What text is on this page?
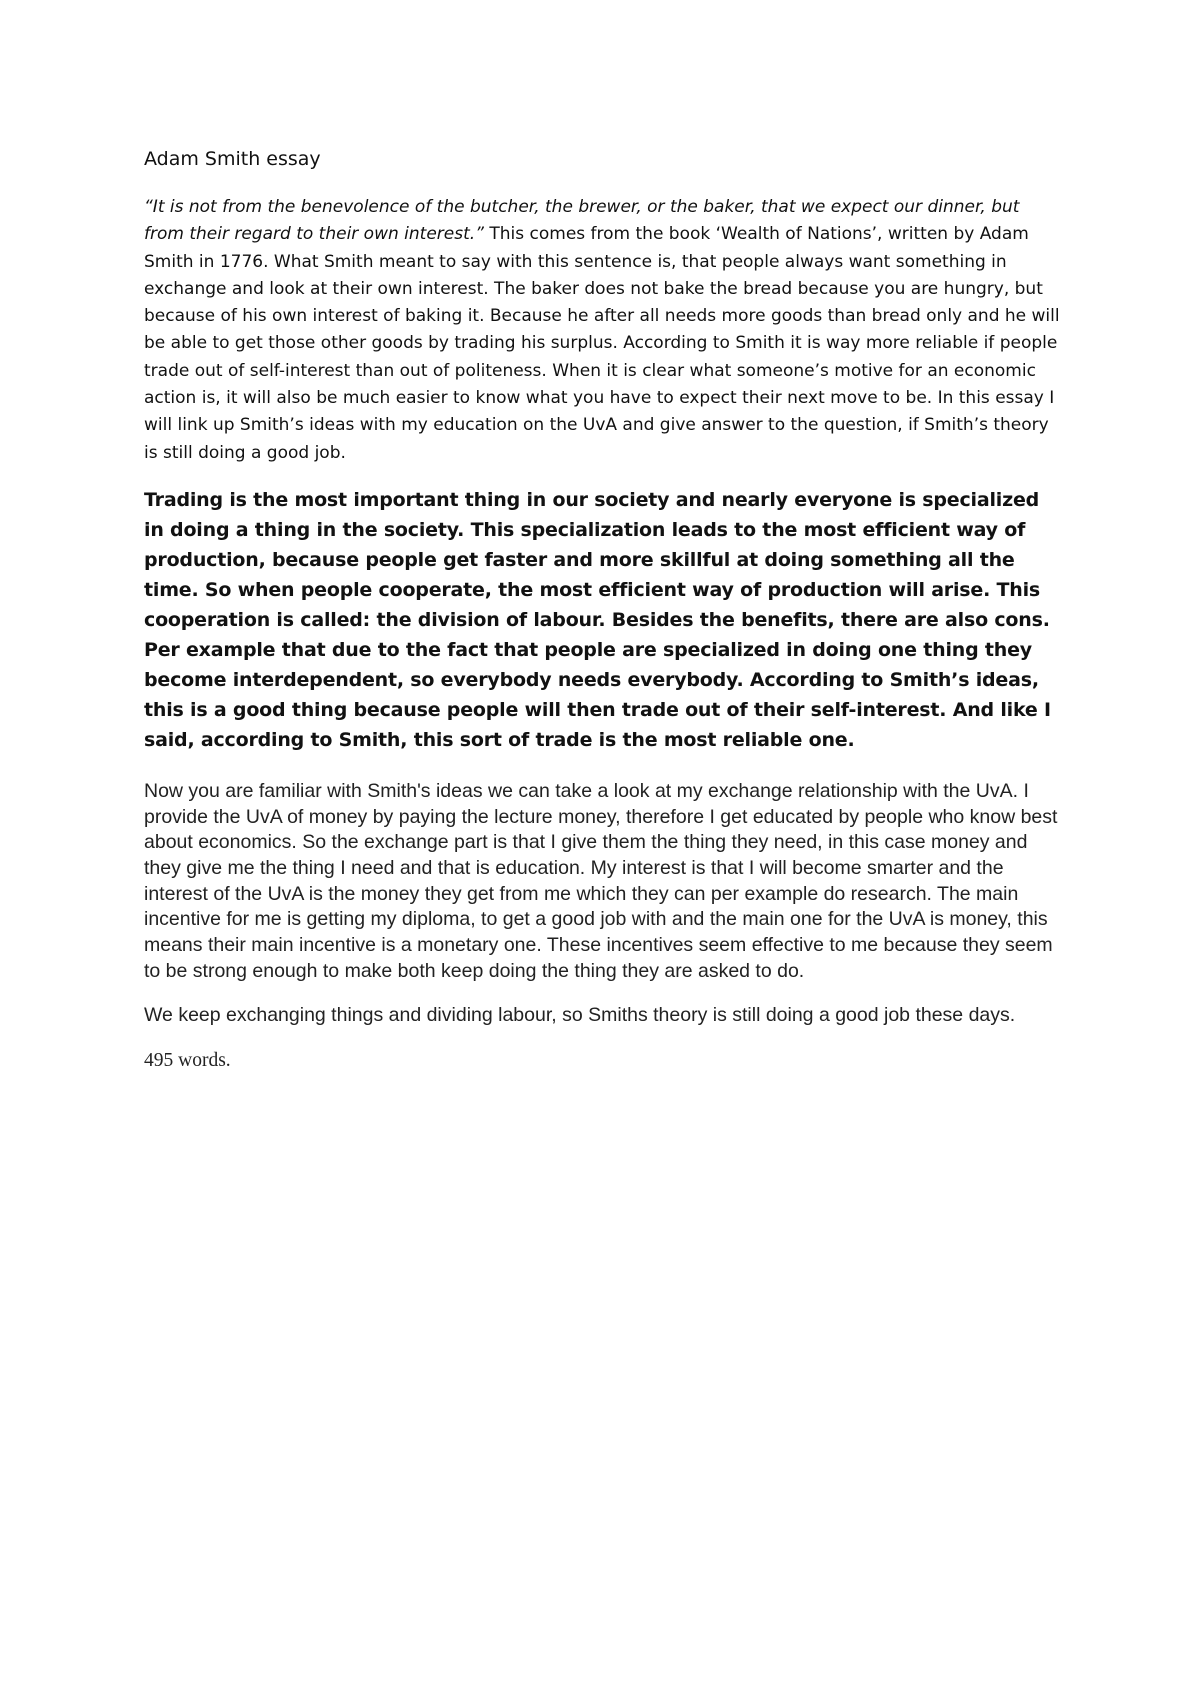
Adam Smith essay

“It is not from the benevolence of the butcher, the brewer, or the baker, that we expect our dinner, but from their regard to their own interest.” This comes from the book ‘Wealth of Nations’, written by Adam Smith in 1776. What Smith meant to say with this sentence is, that people always want something in exchange and look at their own interest. The baker does not bake the bread because you are hungry, but because of his own interest of baking it. Because he after all needs more goods than bread only and he will be able to get those other goods by trading his surplus. According to Smith it is way more reliable if people trade out of self-interest than out of politeness. When it is clear what someone’s motive for an economic action is, it will also be much easier to know what you have to expect their next move to be. In this essay I will link up Smith’s ideas with my education on the UvA and give answer to the question, if Smith’s theory is still doing a good job.

Trading is the most important thing in our society and nearly everyone is specialized in doing a thing in the society. This specialization leads to the most efficient way of production, because people get faster and more skillful at doing something all the time. So when people cooperate, the most efficient way of production will arise. This cooperation is called: the division of labour. Besides the benefits, there are also cons. Per example that due to the fact that people are specialized in doing one thing they become interdependent, so everybody needs everybody. According to Smith’s ideas, this is a good thing because people will then trade out of their self-interest. And like I said, according to Smith, this sort of trade is the most reliable one.

Now you are familiar with Smith's ideas we can take a look at my exchange relationship with the UvA. I provide the UvA of money by paying the lecture money, therefore I get educated by people who know best about economics. So the exchange part is that I give them the thing they need, in this case money and they give me the thing I need and that is education. My interest is that I will become smarter and the interest of the UvA is the money they get from me which they can per example do research. The main incentive for me is getting my diploma, to get a good job with and the main one for the UvA is money, this means their main incentive is a monetary one. These incentives seem effective to me because they seem to be strong enough to make both keep doing the thing they are asked to do.

We keep exchanging things and dividing labour, so Smiths theory is still doing a good job these days.

495 words.
